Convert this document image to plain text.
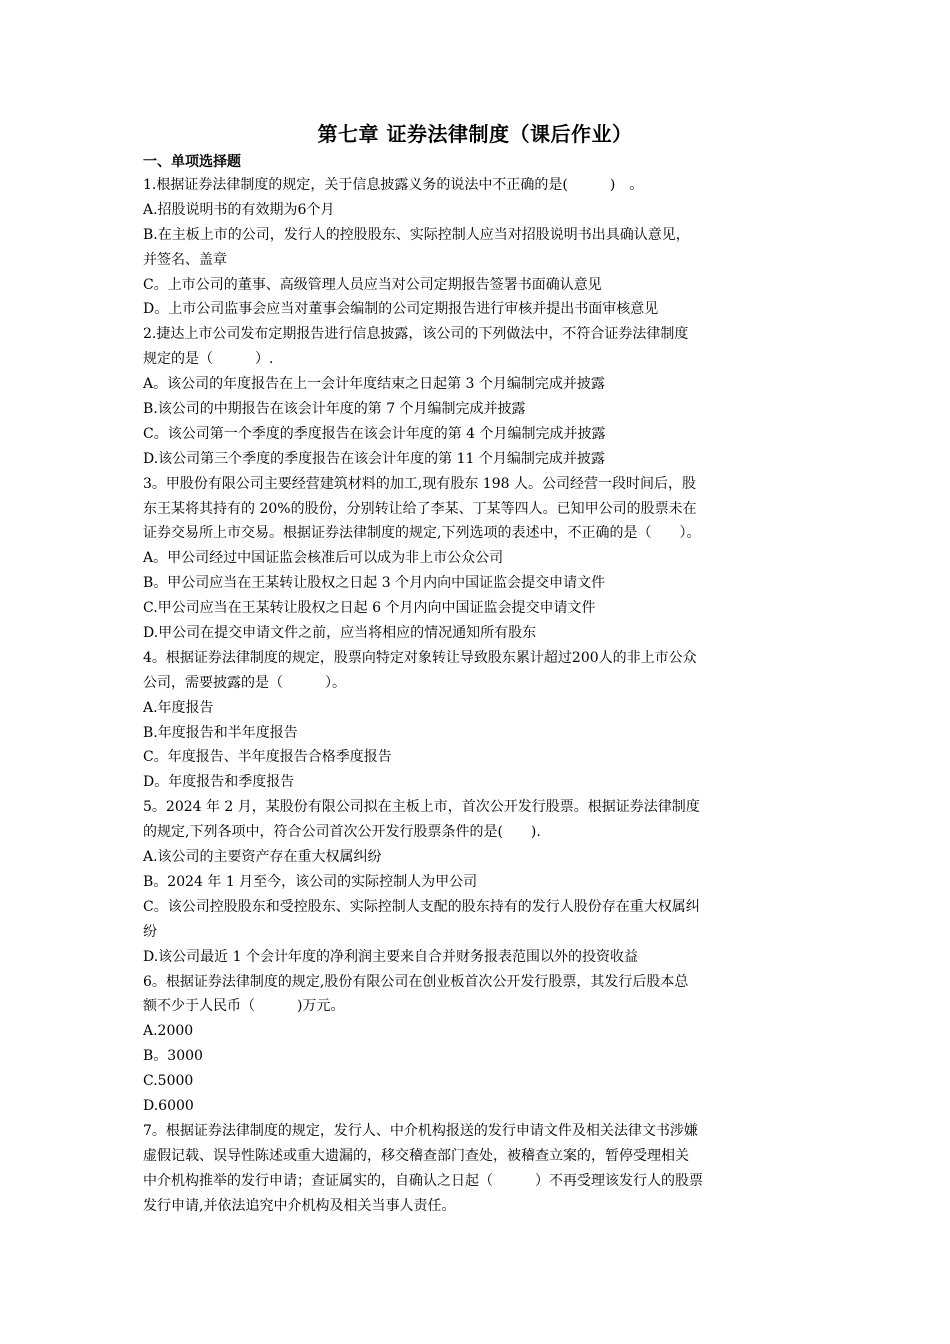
第七章 证券法律制度（课后作业）
一、单项选择题
1.根据证券法律制度的规定，关于信息披露义务的说法中不正确的是(　　　)　。
A.招股说明书的有效期为6个月
B.在主板上市的公司，发行人的控股股东、实际控制人应当对招股说明书出具确认意见，
并签名、盖章
C。上市公司的董事、高级管理人员应当对公司定期报告签署书面确认意见
D。上市公司监事会应当对董事会编制的公司定期报告进行审核并提出书面审核意见
2.捷达上市公司发布定期报告进行信息披露，该公司的下列做法中，不符合证券法律制度
规定的是（　　　）.
A。该公司的年度报告在上一会计年度结束之日起第 3 个月编制完成并披露
B.该公司的中期报告在该会计年度的第 7 个月编制完成并披露
C。该公司第一个季度的季度报告在该会计年度的第 4 个月编制完成并披露
D.该公司第三个季度的季度报告在该会计年度的第 11 个月编制完成并披露
3。甲股份有限公司主要经营建筑材料的加工,现有股东 198 人。公司经营一段时间后，股
东王某将其持有的 20%的股份，分别转让给了李某、丁某等四人。已知甲公司的股票未在
证券交易所上市交易。根据证券法律制度的规定,下列选项的表述中，不正确的是（　　）。
A。甲公司经过中国证监会核准后可以成为非上市公众公司
B。甲公司应当在王某转让股权之日起 3 个月内向中国证监会提交申请文件
C.甲公司应当在王某转让股权之日起 6 个月内向中国证监会提交申请文件
D.甲公司在提交申请文件之前，应当将相应的情况通知所有股东
4。根据证券法律制度的规定，股票向特定对象转让导致股东累计超过200人的非上市公众
公司，需要披露的是（　　　）。
A.年度报告
B.年度报告和半年度报告
C。年度报告、半年度报告合格季度报告
D。年度报告和季度报告
5。2024 年 2 月，某股份有限公司拟在主板上市，首次公开发行股票。根据证券法律制度
的规定,下列各项中，符合公司首次公开发行股票条件的是(　　).
A.该公司的主要资产存在重大权属纠纷
B。2024 年 1 月至今，该公司的实际控制人为甲公司
C。该公司控股股东和受控股东、实际控制人支配的股东持有的发行人股份存在重大权属纠
纷
D.该公司最近 1 个会计年度的净利润主要来自合并财务报表范围以外的投资收益
6。根据证券法律制度的规定,股份有限公司在创业板首次公开发行股票，其发行后股本总
额不少于人民币（　　　)万元。
A.2000
B。3000
C.5000
D.6000
7。根据证券法律制度的规定，发行人、中介机构报送的发行申请文件及相关法律文书涉嫌
虚假记载、误导性陈述或重大遗漏的，移交稽查部门查处，被稽查立案的，暂停受理相关
中介机构推举的发行申请；查证属实的，自确认之日起（　　　）不再受理该发行人的股票
发行申请,并依法追究中介机构及相关当事人责任。
